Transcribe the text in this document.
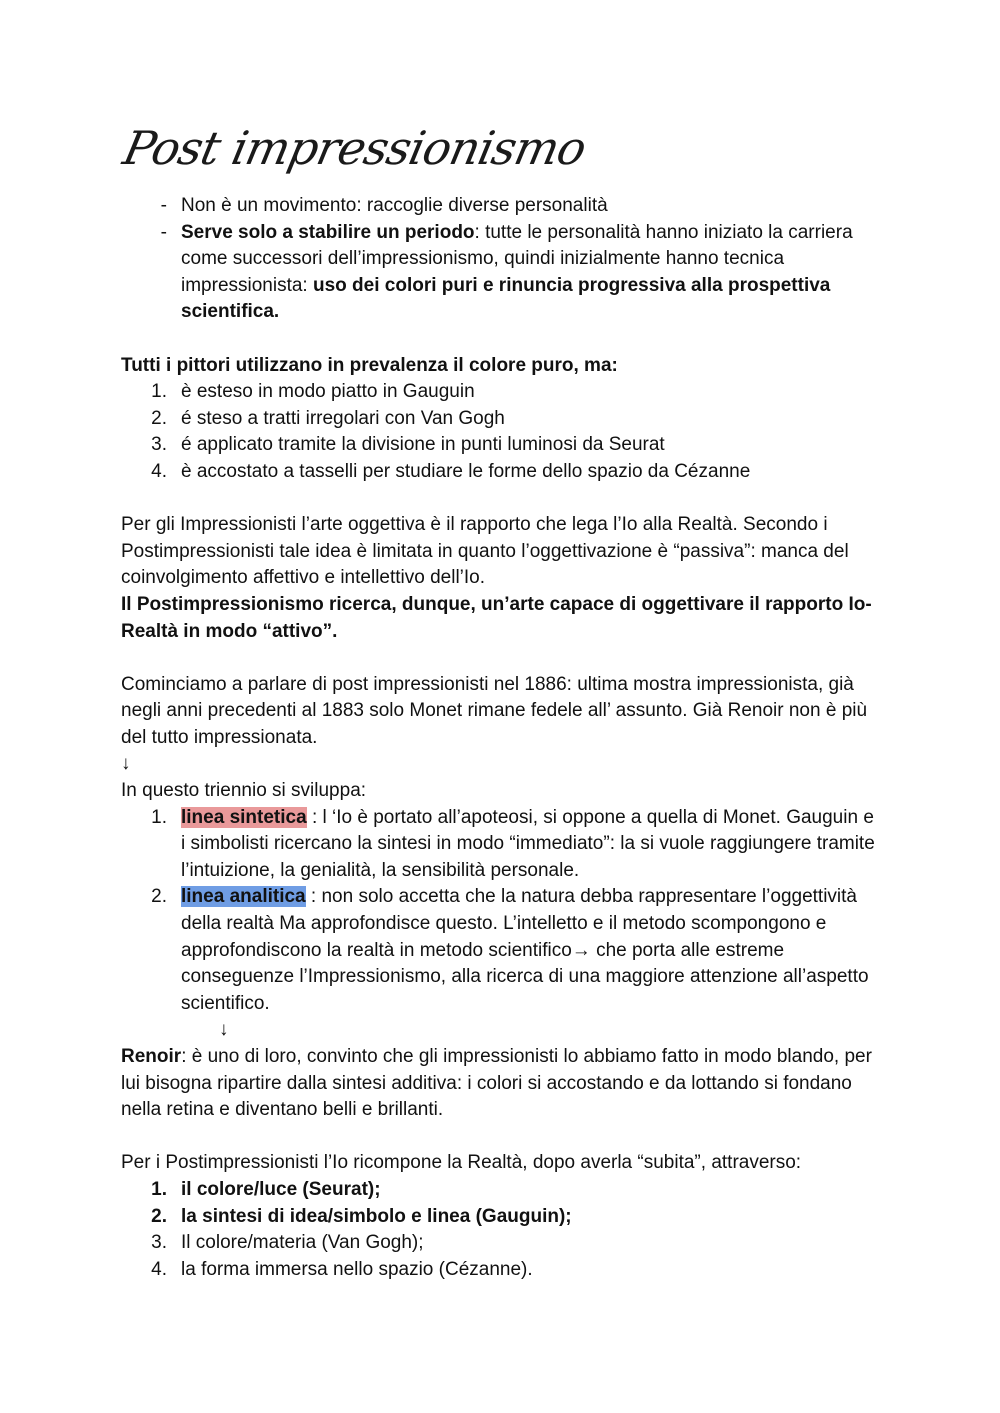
Post impressionismo
- Non è un movimento: raccoglie diverse personalità
- Serve solo a stabilire un periodo: tutte le personalità hanno iniziato la carriera come successori dell’impressionismo, quindi inizialmente hanno tecnica impressionista: uso dei colori puri e rinuncia progressiva alla prospettiva scientifica.

Tutti i pittori utilizzano in prevalenza il colore puro, ma:

1. è esteso in modo piatto in Gauguin
2. é steso a tratti irregolari con Van Gogh
3. é applicato tramite la divisione in punti luminosi da Seurat
4. è accostato a tasselli per studiare le forme dello spazio da Cézanne

Per gli Impressionisti l’arte oggettiva è il rapporto che lega l’Io alla Realtà. Secondo i Postimpressionisti tale idea è limitata in quanto l’oggettivazione è “passiva”: manca del coinvolgimento affettivo e intellettivo dell’Io.

Il Postimpressionismo ricerca, dunque, un’arte capace di oggettivare il rapporto Io-Realtà in modo “attivo”.

Cominciamo a parlare di post impressionisti nel 1886: ultima mostra impressionista, già negli anni precedenti al 1883 solo Monet rimane fedele all’ assunto. Già Renoir non è più del tutto impressionata.

↓

In questo triennio si sviluppa:

1. linea sintetica : l ‘Io è portato all’apoteosi, si oppone a quella di Monet. Gauguin e i simbolisti ricercano la sintesi in modo “immediato”: la si vuole raggiungere tramite l’intuizione, la genialità, la sensibilità personale.
2. linea analitica : non solo accetta che la natura debba rappresentare l’oggettività della realtà Ma approfondisce questo. L’intelletto e il metodo scompongono e approfondiscono la realtà in metodo scientifico→ che porta alle estreme conseguenze l’Impressionismo, alla ricerca di una maggiore attenzione all’aspetto scientifico.

↓

Renoir: è uno di loro, convinto che gli impressionisti lo abbiamo fatto in modo blando, per lui bisogna ripartire dalla sintesi additiva: i colori si accostando e da lottando si fondano nella retina e diventano belli e brillanti.

Per i Postimpressionisti l’Io ricompone la Realtà, dopo averla “subita”, attraverso:

1. il colore/luce (Seurat);
2. la sintesi di idea/simbolo e linea (Gauguin);
3. Il colore/materia (Van Gogh);
4. la forma immersa nello spazio (Cézanne).
